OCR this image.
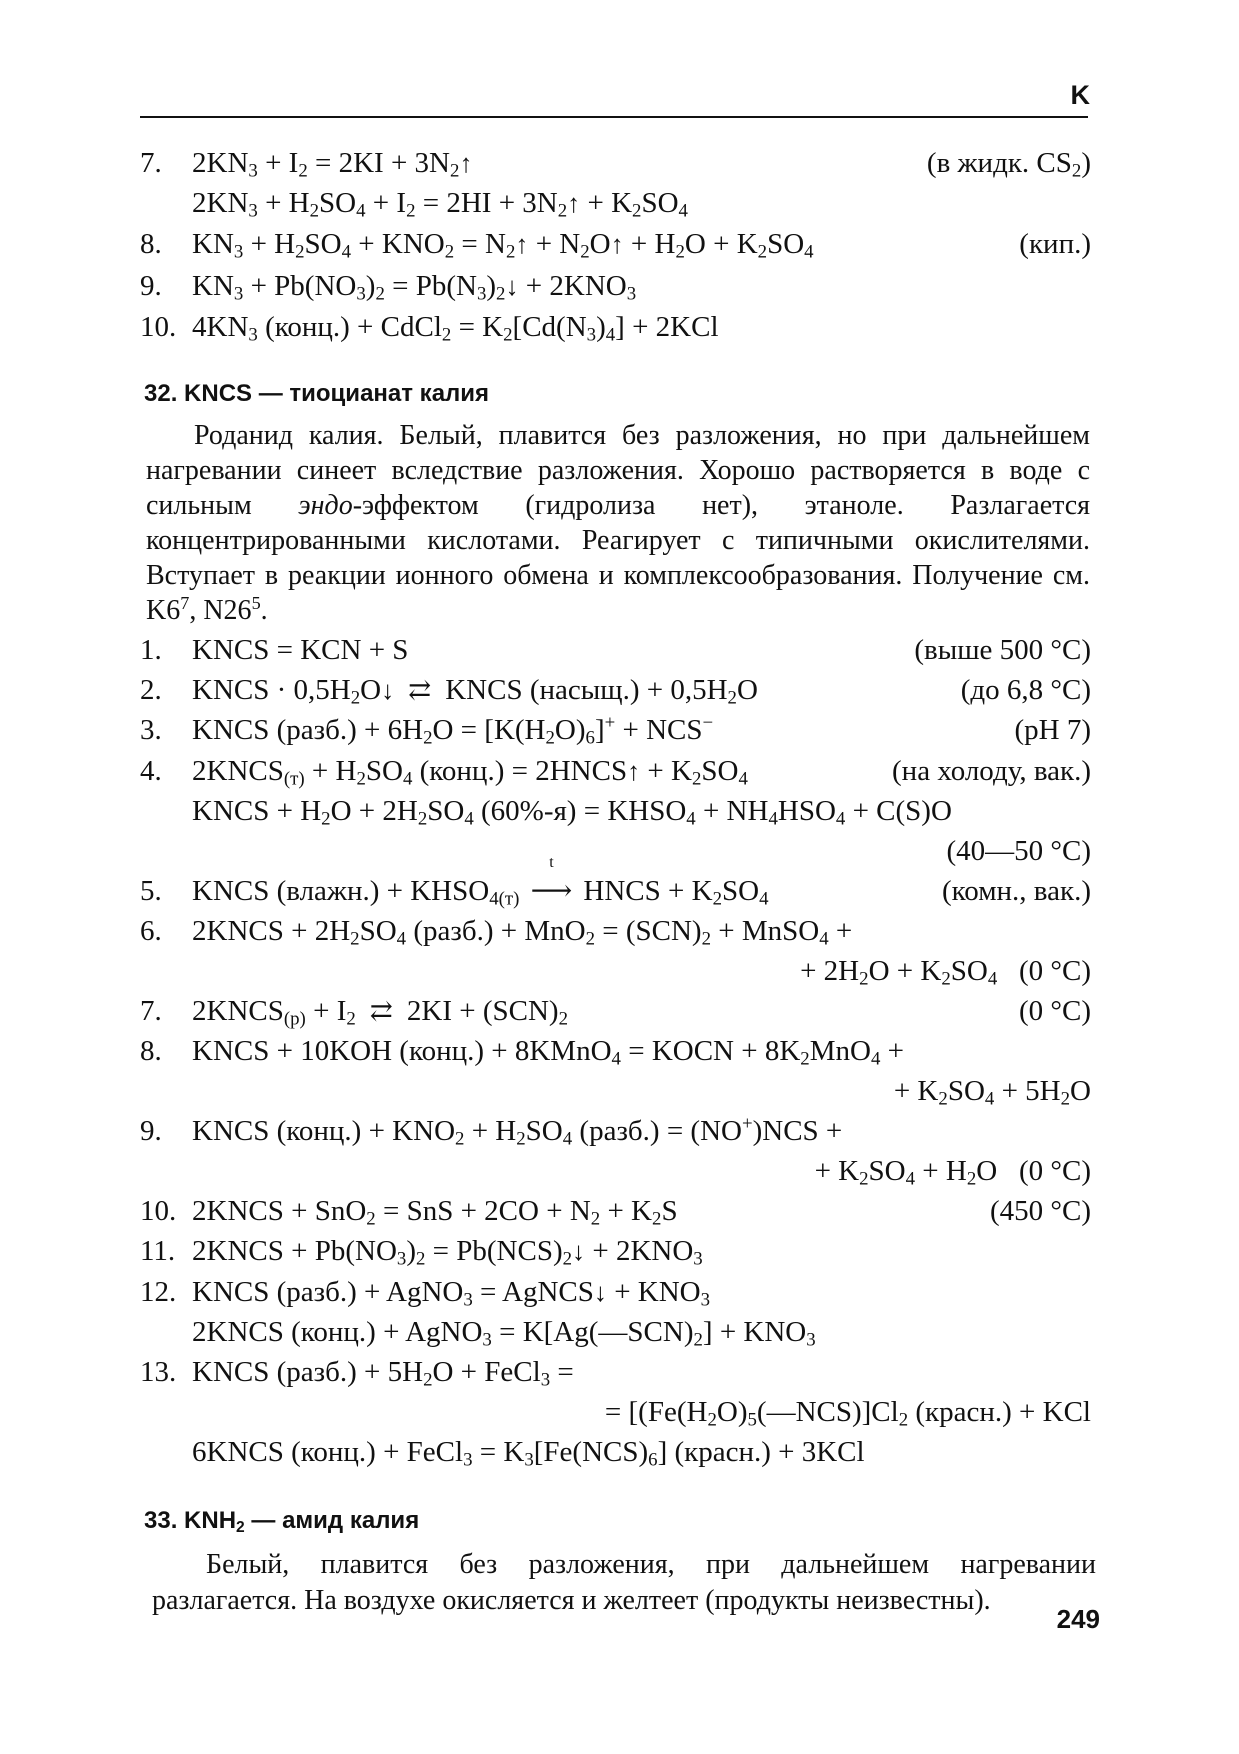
K
7. $2KN_3 + I_2 = 2KI$ + $3N_2↑$	(в жидк. $CS_2$)
$2KN_3 + H_2SO_4 + I_2 = 2HI$ + $3N_2↑ + K_2SO_4$
8. $KN_3 + H_2SO_4 + KNO_2$ = $N_2↑$ + $N_2O↑ + H_2O + K_2SO_4$	(кип.)
9. $KN_3 + Pb(NO_3)_2$ = $Pb(N_3)_2↓ + 2KNO_3$
10. $4KN_3$ (конц.) + CdCl$_2$ = $K_2[Cd(N_3)_4] + 2KCl$
32. KNCS — тиоцианат калия
Роданид калия. Белый, плавится без разложения, но при дальнейшем нагревании синеет вследствие разложения. Хорошо растворяется в воде с сильным эндо-эффектом (гидролиза нет), этаноле. Разлагается концентрированными кислотами. Реагирует с типичными окислителями. Вступает в реакции ионного обмена и комплексообразования. Получение см. $K6^7$, $N26^5$.
1. KNCS = KCN + S	(выше 500 °C)
2. KNCS · $0,5H_2O↓$ ⇄ KNCS (насыщ.) + $0,5H_2O$	(до 6,8 °C)
3. KNCS (разб.) + $6H_2O = [K(H_2O)_6]^+ + NCS^-$	(pH 7)
4. $2KNCS_{(т)} + H_2SO_4$ (конц.) = 2HNCS↑ + $K_2SO_4$	(на холоду, вак.)
KNCS + $H_2O + 2H_2SO_4$ $(60\%-я) = KHSO_4 + NH_4HSO_4 + C(S)O$
(40—50 °C)
5. KNCS (влажн.) + $KHSO_{4(т)}$
t
⟶ HNCS + $K_2SO_4$	(комн., вак.)
6. 2KNCS + $2H_2SO_4$ (разб.) + $MnO_2 = (SCN)_2$ + MnSO$_4$ +
+ $2H_2O + K_2SO_4$ (0 °C)
7. $2KNCS_{(р)} + I_2$ ⇄ $2KI + (SCN)_2$	(0 °C)
8. KNCS + 10KOH (конц.) + 8KMnO$_4$ = KOCN + $8K_2MnO_4$ +
+ $K_2SO_4 + 5H_2O$
9. KNCS (конц.) + $KNO_2 + H_2SO_4$ (разб.) = (NO+)NCS +
+ $K_2SO_4 + H_2O$   (0 °C)
10. 2KNCS + SnO$_2$ = SnS + $2CO + N_2 + K_2S$	(450 °C)
11. 2KNCS + $Pb(NO_3)_2$ = $Pb(NCS)_2↓ + 2KNO_3$
12. KNCS (разб.) + AgNO$_3$ = AgNCS↓ + $KNO_3$
2KNCS (конц.) + AgNO$_3$ = $K[Ag(—SCN)_2] + KNO_3$
13. KNCS (разб.) + $5H_2O$ + FeCl$_3$ =
= [$(Fe(H_2O)_5(—NCS)]Cl_2$ (красн.) + KCl
6KNCS (конц.) + FeCl$_3$ = $K_3[Fe(NCS)_6]$ (красн.) + 3KCl
33. $KNH_2$ — амид калия
Белый, плавится без разложения, при дальнейшем нагревании разлагается. На воздухе окисляется и желтеет (продукты неизвестны).
249
